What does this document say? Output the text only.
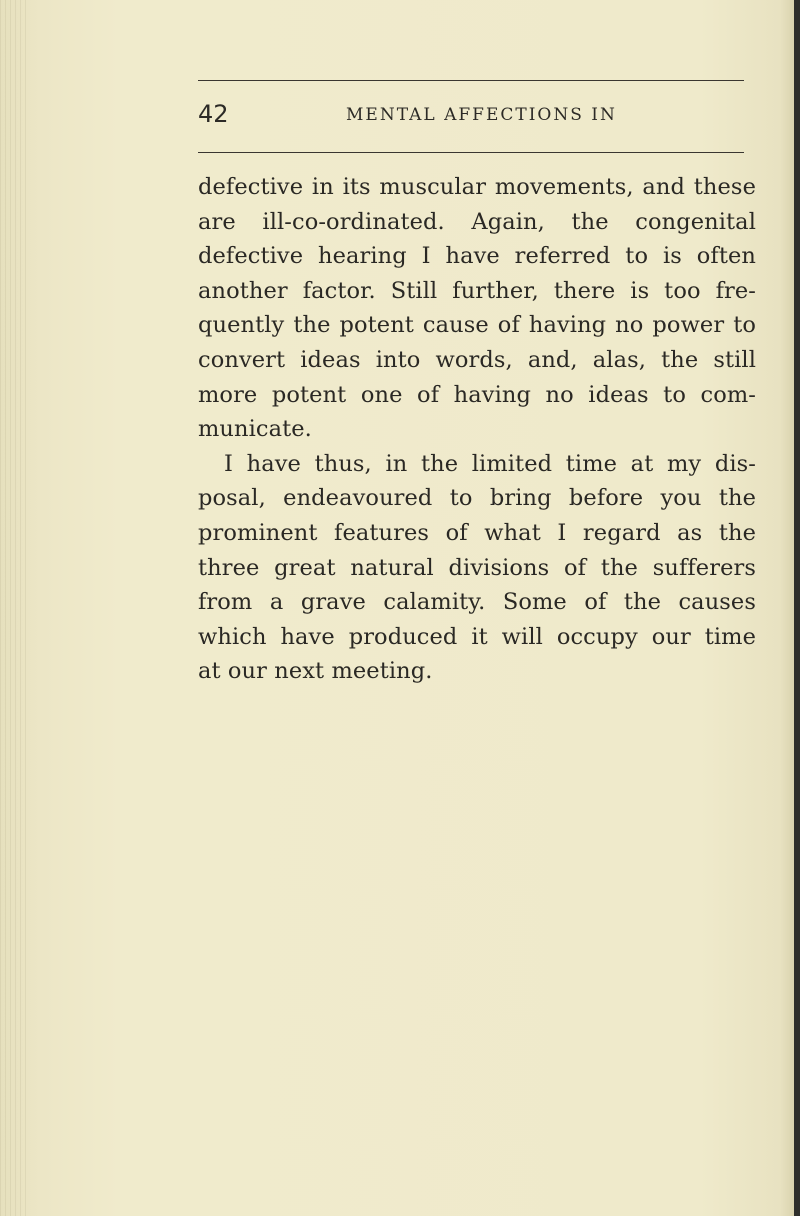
42	MENTAL AFFECTIONS IN
defective in its muscular movements, and these
are ill-co-ordinated. Again, the congenital
defective hearing I have referred to is often
another factor. Still further, there is too fre-
quently the potent cause of having no power to
convert ideas into words, and, alas, the still
more potent one of having no ideas to com-
municate.
I have thus, in the limited time at my dis-
posal, endeavoured to bring before you the
prominent features of what I regard as the
three great natural divisions of the sufferers
from a grave calamity. Some of the causes
which have produced it will occupy our time
at our next meeting.
